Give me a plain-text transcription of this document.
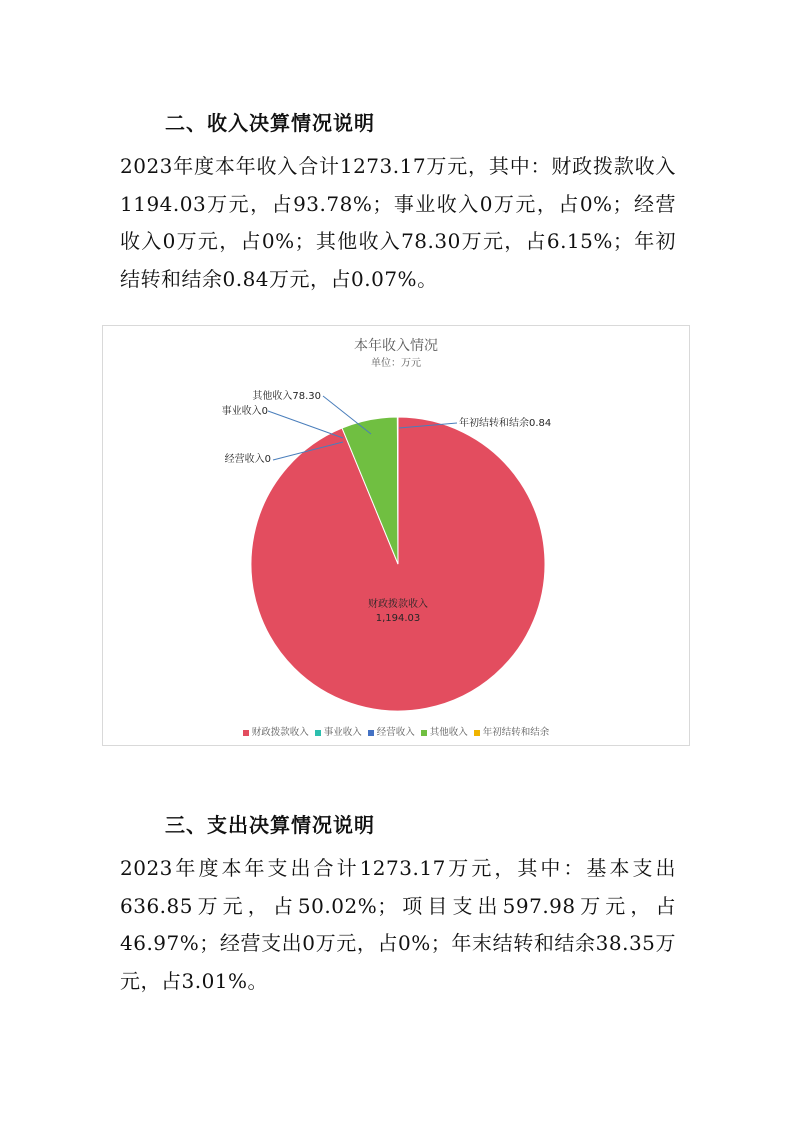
二、收入决算情况说明

2023年度本年收入合计1273.17万元，其中：财政拨款收入1194.03万元，占93.78%；事业收入0万元，占0%；经营收入0万元，占0%；其他收入78.30万元，占6.15%；年初结转和结余0.84万元，占0.07%。

本年收入情况
单位：万元
财政拨款收入 1,194.03
事业收入0
经营收入0
其他收入78.30
年初结转和结余0.84
财政拨款收入 事业收入 经营收入 其他收入 年初结转和结余
三、支出决算情况说明

2023年度本年支出合计1273.17万元，其中：基本支出636.85万元，占50.02%；项目支出597.98万元，占46.97%；经营支出0万元，占0%；年末结转和结余38.35万元，占3.01%。
